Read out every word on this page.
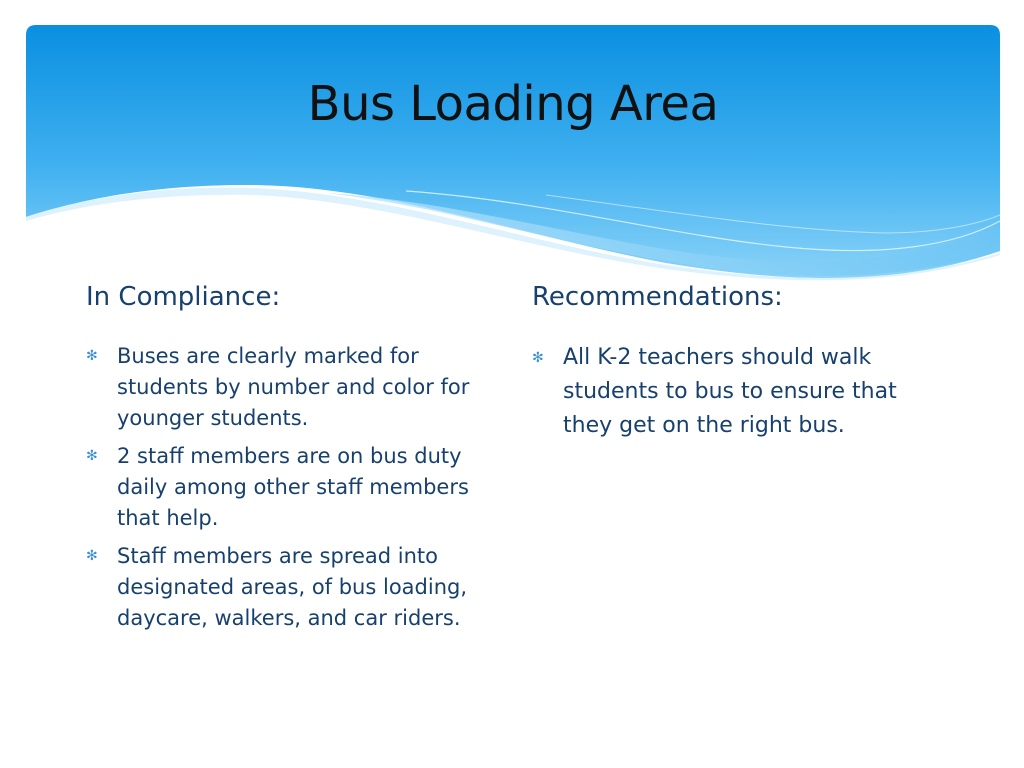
Bus Loading Area
In Compliance:
✻ Buses are clearly marked for students by number and color for younger students.
✻ 2 staff members are on bus duty daily among other staff members that help.
✻ Staff members are spread into designated areas, of bus loading, daycare, walkers, and car riders.
Recommendations:
✻ All K-2 teachers should walk students to bus to ensure that they get on the right bus.
